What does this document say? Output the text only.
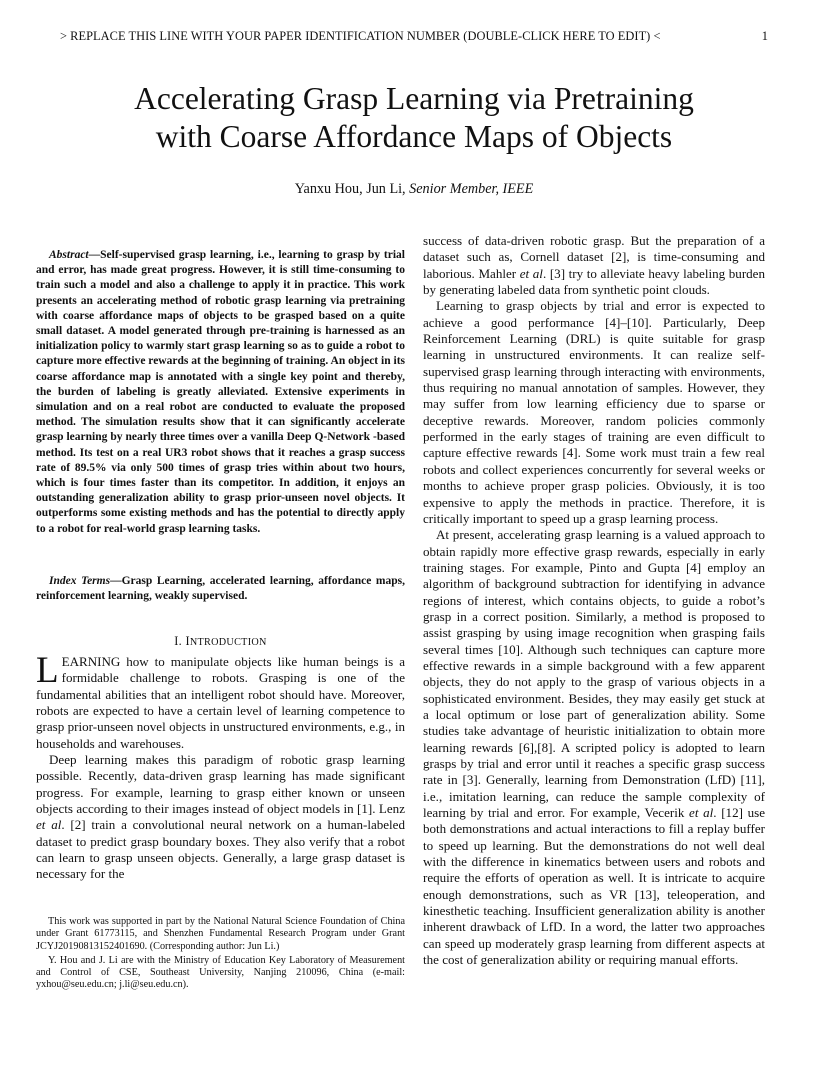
> REPLACE THIS LINE WITH YOUR PAPER IDENTIFICATION NUMBER (DOUBLE-CLICK HERE TO EDIT) <	1
Accelerating Grasp Learning via Pretraining
with Coarse Affordance Maps of Objects
Yanxu Hou, Jun Li, Senior Member, IEEE

Abstract—Self-supervised grasp learning, i.e., learning to grasp by trial and error, has made great progress. However, it is still time-consuming to train such a model and also a challenge to apply it in practice. This work presents an accelerating method of robotic grasp learning via pretraining with coarse affordance maps of objects to be grasped based on a quite small dataset. A model generated through pre-training is harnessed as an initialization policy to warmly start grasp learning so as to guide a robot to capture more effective rewards at the beginning of training. An object in its coarse affordance map is annotated with a single key point and thereby, the burden of labeling is greatly alleviated. Extensive experiments in simulation and on a real robot are conducted to evaluate the proposed method. The simulation results show that it can significantly accelerate grasp learning by nearly three times over a vanilla Deep Q-Network -based method. Its test on a real UR3 robot shows that it reaches a grasp success rate of 89.5% via only 500 times of grasp tries within about two hours, which is four times faster than its competitor. In addition, it enjoys an outstanding generalization ability to grasp prior-unseen novel objects. It outperforms some existing methods and has the potential to directly apply to a robot for real-world grasp learning tasks.

Index Terms—Grasp Learning, accelerated learning, affordance maps, reinforcement learning, weakly supervised.

I. INTRODUCTION

LEARNING how to manipulate objects like human beings is a formidable challenge to robots. Grasping is one of the fundamental abilities that an intelligent robot should have. Moreover, robots are expected to have a certain level of learning competence to grasp prior-unseen novel objects in unstructured environments, e.g., in households and warehouses.

Deep learning makes this paradigm of robotic grasp learning possible. Recently, data-driven grasp learning has made significant progress. For example, learning to grasp either known or unseen objects according to their images instead of object models in [1]. Lenz et al. [2] train a convolutional neural network on a human-labeled dataset to predict grasp boundary boxes. They also verify that a robot can learn to grasp unseen objects. Generally, a large grasp dataset is necessary for the

This work was supported in part by the National Natural Science Foundation of China under Grant 61773115, and Shenzhen Fundamental Research Program under Grant JCYJ20190813152401690. (Corresponding author: Jun Li.)

Y. Hou and J. Li are with the Ministry of Education Key Laboratory of Measurement and Control of CSE, Southeast University, Nanjing 210096, China (e-mail: yxhou@seu.edu.cn; j.li@seu.edu.cn).

success of data-driven robotic grasp. But the preparation of a dataset such as, Cornell dataset [2], is time-consuming and laborious. Mahler et al. [3] try to alleviate heavy labeling burden by generating labeled data from synthetic point clouds.

Learning to grasp objects by trial and error is expected to achieve a good performance [4]–[10]. Particularly, Deep Reinforcement Learning (DRL) is quite suitable for grasp learning in unstructured environments. It can realize self-supervised grasp learning through interacting with environments, thus requiring no manual annotation of samples. However, they may suffer from low learning efficiency due to sparse or deceptive rewards. Moreover, random policies commonly performed in the early stages of training are even difficult to capture effective rewards [4]. Some work must train a few real robots and collect experiences concurrently for several weeks or months to achieve proper grasp policies. Obviously, it is too expensive to apply the methods in practice. Therefore, it is critically important to speed up a grasp learning process.

At present, accelerating grasp learning is a valued approach to obtain rapidly more effective grasp rewards, especially in early training stages. For example, Pinto and Gupta [4] employ an algorithm of background subtraction for identifying in advance regions of interest, which contains objects, to guide a robot’s grasp in a correct position. Similarly, a method is proposed to assist grasping by using image recognition when grasping fails several times [10]. Although such techniques can capture more effective rewards in a simple background with a few apparent objects, they do not apply to the grasp of various objects in a sophisticated environment. Besides, they may easily get stuck at a local optimum or lose part of generalization ability. Some studies take advantage of heuristic initialization to obtain more learning rewards [6],[8]. A scripted policy is adopted to learn grasps by trial and error until it reaches a specific grasp success rate in [3]. Generally, learning from Demonstration (LfD) [11], i.e., imitation learning, can reduce the sample complexity of learning by trial and error. For example, Vecerik et al. [12] use both demonstrations and actual interactions to fill a replay buffer to speed up learning. But the demonstrations do not well deal with the difference in kinematics between users and robots and require the efforts of operation as well. It is intricate to acquire enough demonstrations, such as VR [13], teleoperation, and kinesthetic teaching. Insufficient generalization ability is another inherent drawback of LfD. In a word, the latter two approaches can speed up moderately grasp learning from different aspects at the cost of generalization ability or requiring manual efforts.
